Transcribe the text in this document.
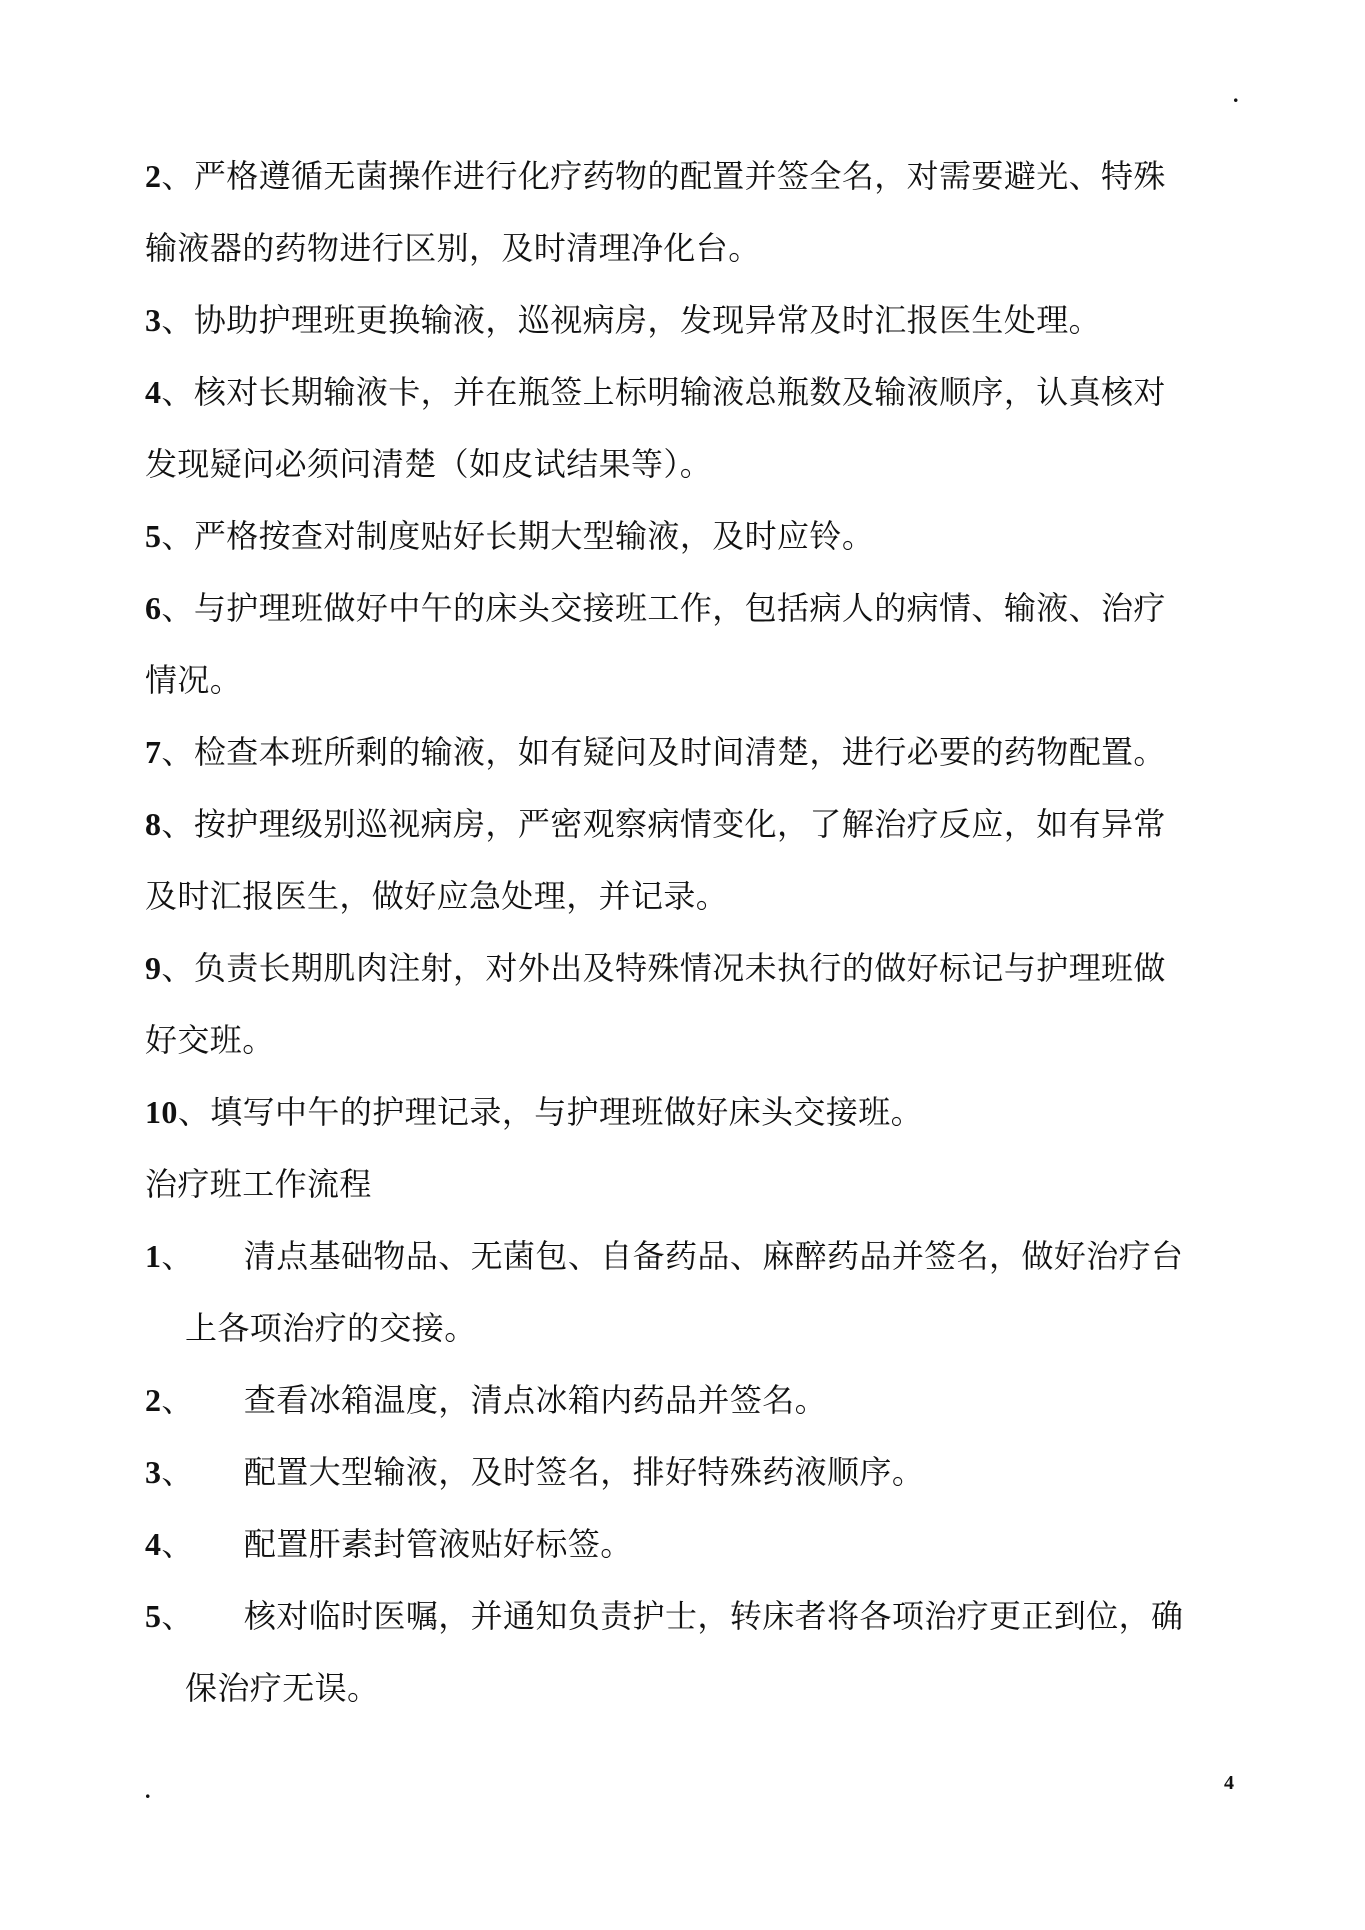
.
2、严格遵循无菌操作进行化疗药物的配置并签全名，对需要避光、特殊
输液器的药物进行区别，及时清理净化台。
3、协助护理班更换输液，巡视病房，发现异常及时汇报医生处理。
4、核对长期输液卡，并在瓶签上标明输液总瓶数及输液顺序，认真核对
发现疑问必须问清楚（如皮试结果等）。
5、严格按查对制度贴好长期大型输液，及时应铃。
6、与护理班做好中午的床头交接班工作，包括病人的病情、输液、治疗
情况。
7、检查本班所剩的输液，如有疑问及时间清楚，进行必要的药物配置。
8、按护理级别巡视病房，严密观察病情变化，了解治疗反应，如有异常
及时汇报医生，做好应急处理，并记录。
9、负责长期肌肉注射，对外出及特殊情况未执行的做好标记与护理班做
好交班。
10、填写中午的护理记录，与护理班做好床头交接班。
治疗班工作流程
1、 清点基础物品、无菌包、自备药品、麻醉药品并签名，做好治疗台
上各项治疗的交接。
2、 查看冰箱温度，清点冰箱内药品并签名。
3、 配置大型输液，及时签名，排好特殊药液顺序。
4、 配置肝素封管液贴好标签。
5、 核对临时医嘱，并通知负责护士，转床者将各项治疗更正到位，确
保治疗无误。
.	4
